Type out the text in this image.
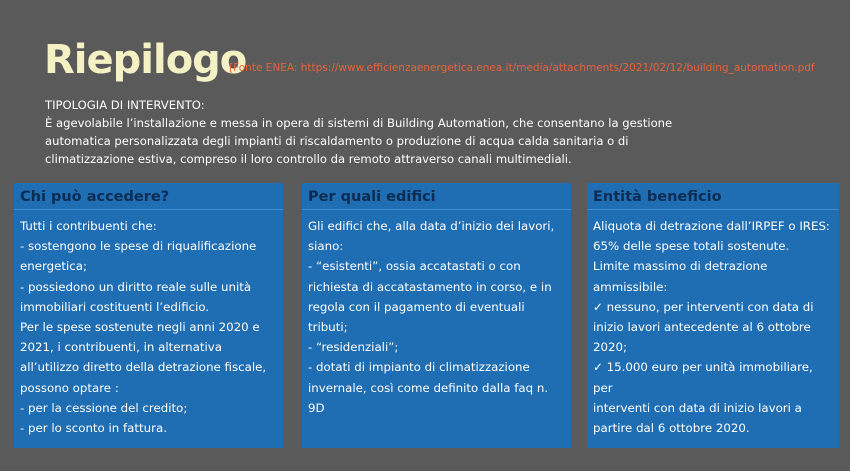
Riepilogo
[Fonte ENEA: https://www.efficienzaenergetica.enea.it/media/attachments/2021/02/12/building_automation.pdf

TIPOLOGIA DI INTERVENTO:

È agevolabile l’installazione e messa in opera di sistemi di Building Automation, che consentano la gestione

automatica personalizzata degli impianti di riscaldamento o produzione di acqua calda sanitaria o di

climatizzazione estiva, compreso il loro controllo da remoto attraverso canali multimediali.

Chi può accedere?
Tutti i contribuenti che:
- sostengono le spese di riqualificazione
energetica;
- possiedono un diritto reale sulle unità
immobiliari costituenti l’edificio.
Per le spese sostenute negli anni 2020 e
2021, i contribuenti, in alternativa
all’utilizzo diretto della detrazione fiscale,
possono optare :
- per la cessione del credito;
- per lo sconto in fattura.
Per quali edifici
Gli edifici che, alla data d’inizio dei lavori,
siano:
- “esistenti”, ossia accatastati o con
richiesta di accatastamento in corso, e in
regola con il pagamento di eventuali
tributi;
- “residenziali”;
- dotati di impianto di climatizzazione
invernale, così come definito dalla faq n.
9D
Entità beneficio
Aliquota di detrazione dall’IRPEF o IRES:
65% delle spese totali sostenute.
Limite massimo di detrazione
ammissibile:
✓ nessuno, per interventi con data di
inizio lavori antecedente al 6 ottobre
2020;
✓ 15.000 euro per unità immobiliare, per
interventi con data di inizio lavori a
partire dal 6 ottobre 2020.
